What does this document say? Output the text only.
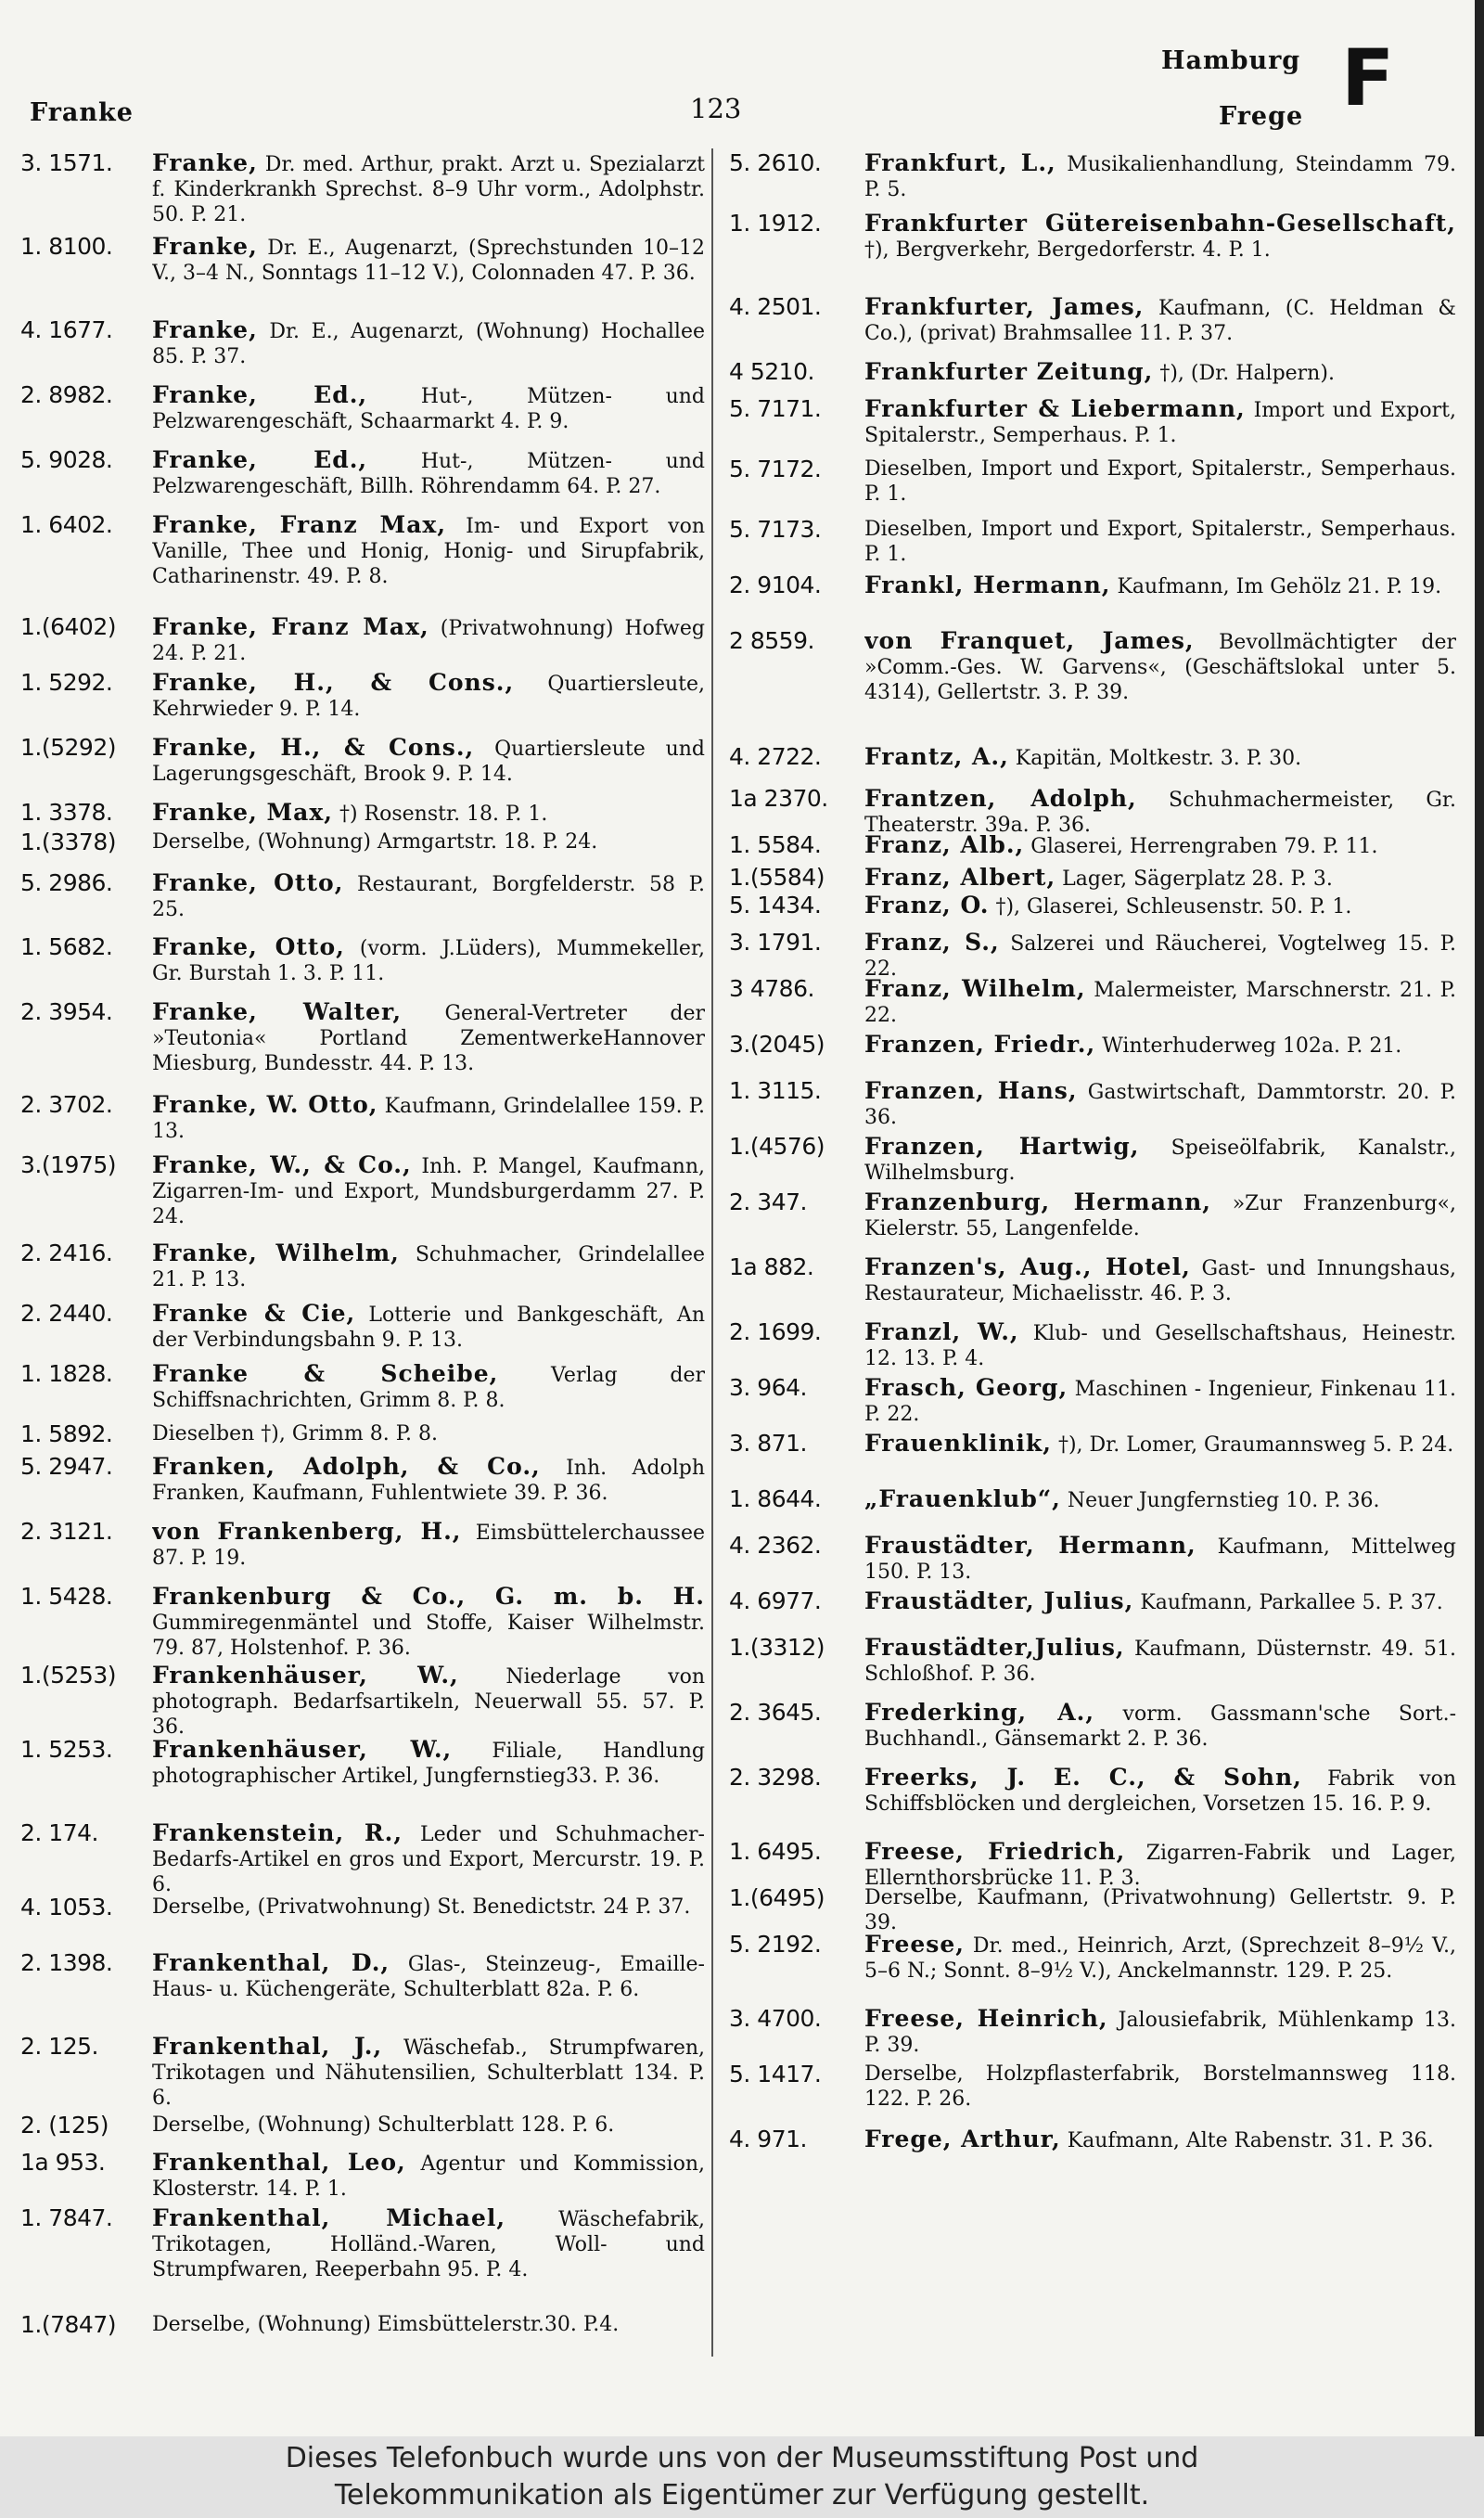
Franke	123
Hamburg
Frege F
3. 1571.	Franke, Dr. med. Arthur, prakt. Arzt u. Spezialarzt f. Kinderkrankh Sprechst. 8–9 Uhr vorm., Adolphstr. 50. P. 21.
1. 8100.	Franke, Dr. E., Augenarzt, (Sprechstunden 10–12 V., 3–4 N., Sonntags 11–12 V.), Colonnaden 47. P. 36.
4. 1677.	Franke, Dr. E., Augenarzt, (Wohnung) Hochallee 85. P. 37.
2. 8982.	Franke, Ed., Hut-, Mützen- und Pelzwarengeschäft, Schaarmarkt 4. P. 9.
5. 9028.	Franke, Ed., Hut-, Mützen- und Pelzwarengeschäft, Billh. Röhrendamm 64. P. 27.
1. 6402.	Franke, Franz Max, Im- und Export von Vanille, Thee und Honig, Honig- und Sirupfabrik, Catharinenstr. 49. P. 8.
1.(6402)	Franke, Franz Max, (Privatwohnung) Hofweg 24. P. 21.
1. 5292.	Franke, H., & Cons., Quartiersleute, Kehrwieder 9. P. 14.
1.(5292)	Franke, H., & Cons., Quartiersleute und Lagerungsgeschäft, Brook 9. P. 14.
1. 3378.	Franke, Max, †) Rosenstr. 18. P. 1.
1.(3378)	Derselbe, (Wohnung) Armgartstr. 18. P. 24.
5. 2986.	Franke, Otto, Restaurant, Borgfelderstr. 58 P. 25.
1. 5682.	Franke, Otto, (vorm. J.Lüders), Mummekeller, Gr. Burstah 1. 3. P. 11.
2. 3954.	Franke, Walter, General-Vertreter der »Teutonia« Portland ZementwerkeHannover Miesburg, Bundesstr. 44. P. 13.
2. 3702.	Franke, W. Otto, Kaufmann, Grindelallee 159. P. 13.
3.(1975)	Franke, W., & Co., Inh. P. Mangel, Kaufmann, Zigarren-Im- und Export, Mundsburgerdamm 27. P. 24.
2. 2416.	Franke, Wilhelm, Schuhmacher, Grindelallee 21. P. 13.
2. 2440.	Franke & Cie, Lotterie und Bankgeschäft, An der Verbindungsbahn 9. P. 13.
1. 1828.	Franke & Scheibe, Verlag der Schiffsnachrichten, Grimm 8. P. 8.
1. 5892.	Dieselben †), Grimm 8. P. 8.
5. 2947.	Franken, Adolph, & Co., Inh. Adolph Franken, Kaufmann, Fuhlentwiete 39. P. 36.
2. 3121.	von Frankenberg, H., Eimsbüttelerchaussee 87. P. 19.
1. 5428.	Frankenburg & Co., G. m. b. H. Gummiregenmäntel und Stoffe, Kaiser Wilhelmstr. 79. 87, Holstenhof. P. 36.
1.(5253)	Frankenhäuser, W., Niederlage von photograph. Bedarfsartikeln, Neuerwall 55. 57. P. 36.
1. 5253.	Frankenhäuser, W., Filiale, Handlung photographischer Artikel, Jungfernstieg33. P. 36.
2. 174.	Frankenstein, R., Leder und Schuhmacher-Bedarfs-Artikel en gros und Export, Mercurstr. 19. P. 6.
4. 1053.	Derselbe, (Privatwohnung) St. Benedictstr. 24 P. 37.
2. 1398.	Frankenthal, D., Glas-, Steinzeug-, Emaille-Haus- u. Küchengeräte, Schulterblatt 82a. P. 6.
2. 125.	Frankenthal, J., Wäschefab., Strumpfwaren, Trikotagen und Nähutensilien, Schulterblatt 134. P. 6.
2. (125)	Derselbe, (Wohnung) Schulterblatt 128. P. 6.
1a 953.	Frankenthal, Leo, Agentur und Kommission, Klosterstr. 14. P. 1.
1. 7847.	Frankenthal, Michael, Wäschefabrik, Trikotagen, Holländ.-Waren, Woll- und Strumpfwaren, Reeperbahn 95. P. 4.
1.(7847)	Derselbe, (Wohnung) Eimsbüttelerstr.30. P.4.
5. 2610.	Frankfurt, L., Musikalienhandlung, Steindamm 79. P. 5.
1. 1912.	Frankfurter Gütereisenbahn-Gesellschaft, †), Bergverkehr, Bergedorferstr. 4. P. 1.
4. 2501.	Frankfurter, James, Kaufmann, (C. Heldman & Co.), (privat) Brahmsallee 11. P. 37.
4 5210.	Frankfurter Zeitung, †), (Dr. Halpern).
5. 7171.	Frankfurter & Liebermann, Import und Export, Spitalerstr., Semperhaus. P. 1.
5. 7172.	Dieselben, Import und Export, Spitalerstr., Semperhaus. P. 1.
5. 7173.	Dieselben, Import und Export, Spitalerstr., Semperhaus. P. 1.
2. 9104.	Frankl, Hermann, Kaufmann, Im Gehölz 21. P. 19.
2 8559.	von Franquet, James, Bevollmächtigter der »Comm.-Ges. W. Garvens«, (Geschäftslokal unter 5. 4314), Gellertstr. 3. P. 39.
4. 2722.	Frantz, A., Kapitän, Moltkestr. 3. P. 30.
1a 2370.	Frantzen, Adolph, Schuhmachermeister, Gr. Theaterstr. 39a. P. 36.
1. 5584.	Franz, Alb., Glaserei, Herrengraben 79. P. 11.
1.(5584)	Franz, Albert, Lager, Sägerplatz 28. P. 3.
5. 1434.	Franz, O. †), Glaserei, Schleusenstr. 50. P. 1.
3. 1791.	Franz, S., Salzerei und Räucherei, Vogtelweg 15. P. 22.
3 4786.	Franz, Wilhelm, Malermeister, Marschnerstr. 21. P. 22.
3.(2045)	Franzen, Friedr., Winterhuderweg 102a. P. 21.
1. 3115.	Franzen, Hans, Gastwirtschaft, Dammtorstr. 20. P. 36.
1.(4576)	Franzen, Hartwig, Speiseölfabrik, Kanalstr., Wilhelmsburg.
2. 347.	Franzenburg, Hermann, »Zur Franzenburg«, Kielerstr. 55, Langenfelde.
1a 882.	Franzen's, Aug., Hotel, Gast- und Innungshaus, Restaurateur, Michaelisstr. 46. P. 3.
2. 1699.	Franzl, W., Klub- und Gesellschaftshaus, Heinestr. 12. 13. P. 4.
3. 964.	Frasch, Georg, Maschinen - Ingenieur, Finkenau 11. P. 22.
3. 871.	Frauenklinik, †), Dr. Lomer, Graumannsweg 5. P. 24.
1. 8644.	„Frauenklub“, Neuer Jungfernstieg 10. P. 36.
4. 2362.	Fraustädter, Hermann, Kaufmann, Mittelweg 150. P. 13.
4. 6977.	Fraustädter, Julius, Kaufmann, Parkallee 5. P. 37.
1.(3312)	Fraustädter,Julius, Kaufmann, Düsternstr. 49. 51. Schloßhof. P. 36.
2. 3645.	Frederking, A., vorm. Gassmann'sche Sort.-Buchhandl., Gänsemarkt 2. P. 36.
2. 3298.	Freerks, J. E. C., & Sohn, Fabrik von Schiffsblöcken und dergleichen, Vorsetzen 15. 16. P. 9.
1. 6495.	Freese, Friedrich, Zigarren-Fabrik und Lager, Ellernthorsbrücke 11. P. 3.
1.(6495)	Derselbe, Kaufmann, (Privatwohnung) Gellertstr. 9. P. 39.
5. 2192.	Freese, Dr. med., Heinrich, Arzt, (Sprechzeit 8–9½ V., 5–6 N.; Sonnt. 8–9½ V.), Anckelmannstr. 129. P. 25.
3. 4700.	Freese, Heinrich, Jalousiefabrik, Mühlenkamp 13. P. 39.
5. 1417.	Derselbe, Holzpflasterfabrik, Borstelmannsweg 118. 122. P. 26.
4. 971.	Frege, Arthur, Kaufmann, Alte Rabenstr. 31. P. 36.
Dieses Telefonbuch wurde uns von der Museumsstiftung Post und
Telekommunikation als Eigentümer zur Verfügung gestellt.
